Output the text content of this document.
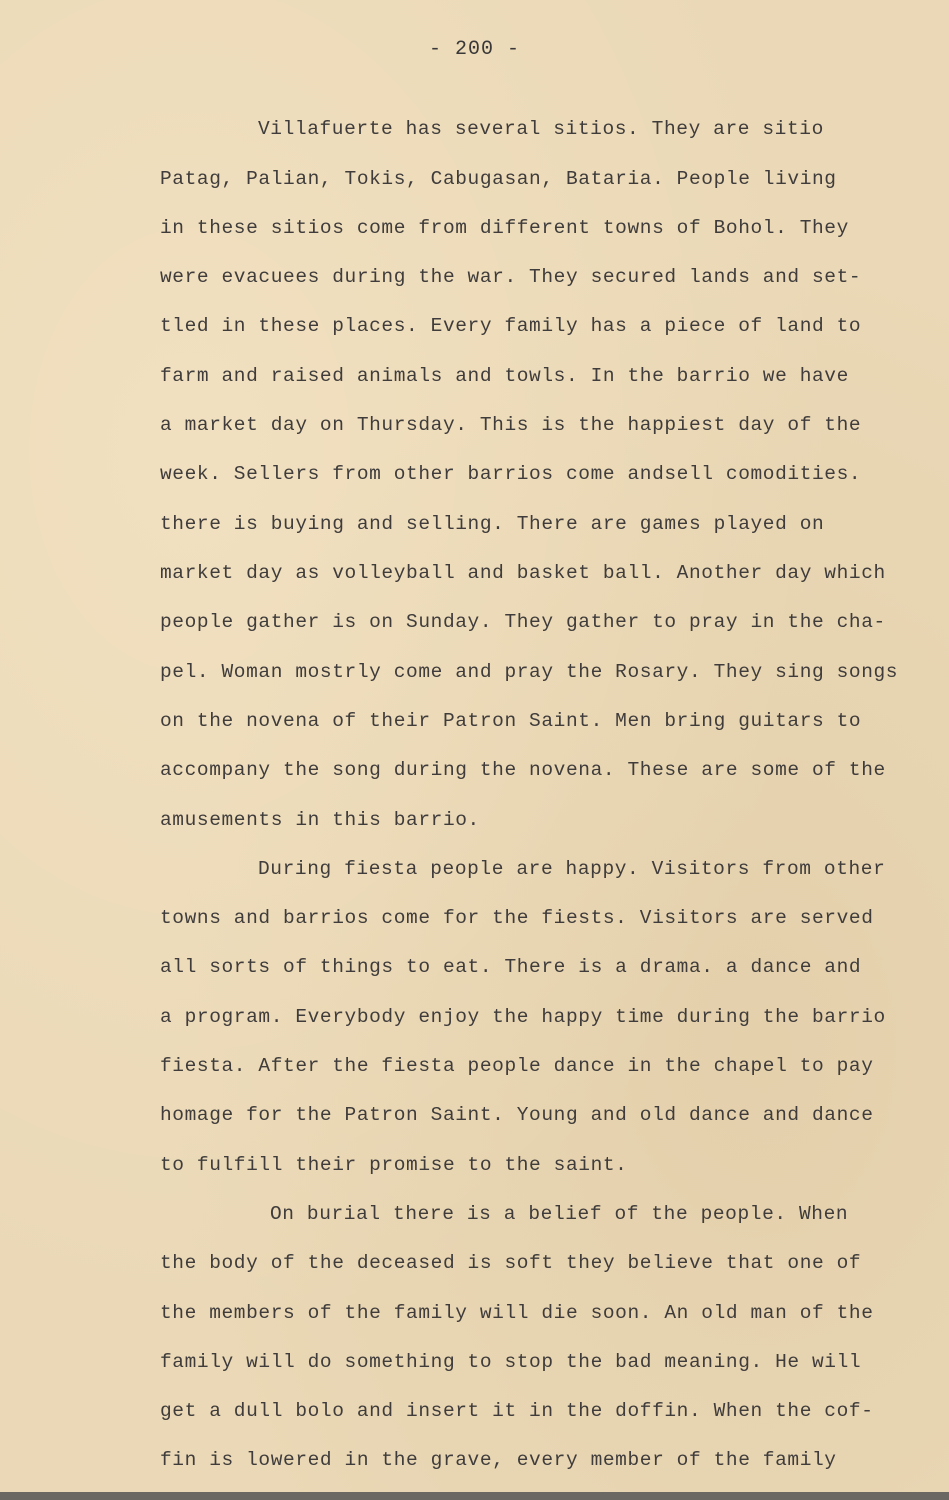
- 200 -
Villafuerte has several sitios. They are sitio
Patag, Palian, Tokis, Cabugasan, Bataria. People living
in these sitios come from different towns of Bohol. They
were evacuees during the war. They secured lands and set-
tled in these places. Every family has a piece of land to
farm and raised animals and towls. In the barrio we have
a market day on Thursday. This is the happiest day of the
week. Sellers from other barrios come andsell comodities.
there is buying and selling. There are games played on
market day as volleyball and basket ball. Another day which
people gather is on Sunday. They gather to pray in the cha-
pel. Woman mostrly come and pray the Rosary. They sing songs
on the novena of their Patron Saint. Men bring guitars to
accompany the song during the novena. These are some of the
amusements in this barrio.
During fiesta people are happy. Visitors from other
towns and barrios come for the fiests. Visitors are served
all sorts of things to eat. There is a drama. a dance and
a program. Everybody enjoy the happy time during the barrio
fiesta. After the fiesta people dance in the chapel to pay
homage for the Patron Saint. Young and old dance and dance
to fulfill their promise to the saint.
On burial there is a belief of the people. When
the body of the deceased is soft they believe that one of
the members of the family will die soon. An old man of the
family will do something to stop the bad meaning. He will
get a dull bolo and insert it in the doffin. When the cof-
fin is lowered in the grave, every member of the family
